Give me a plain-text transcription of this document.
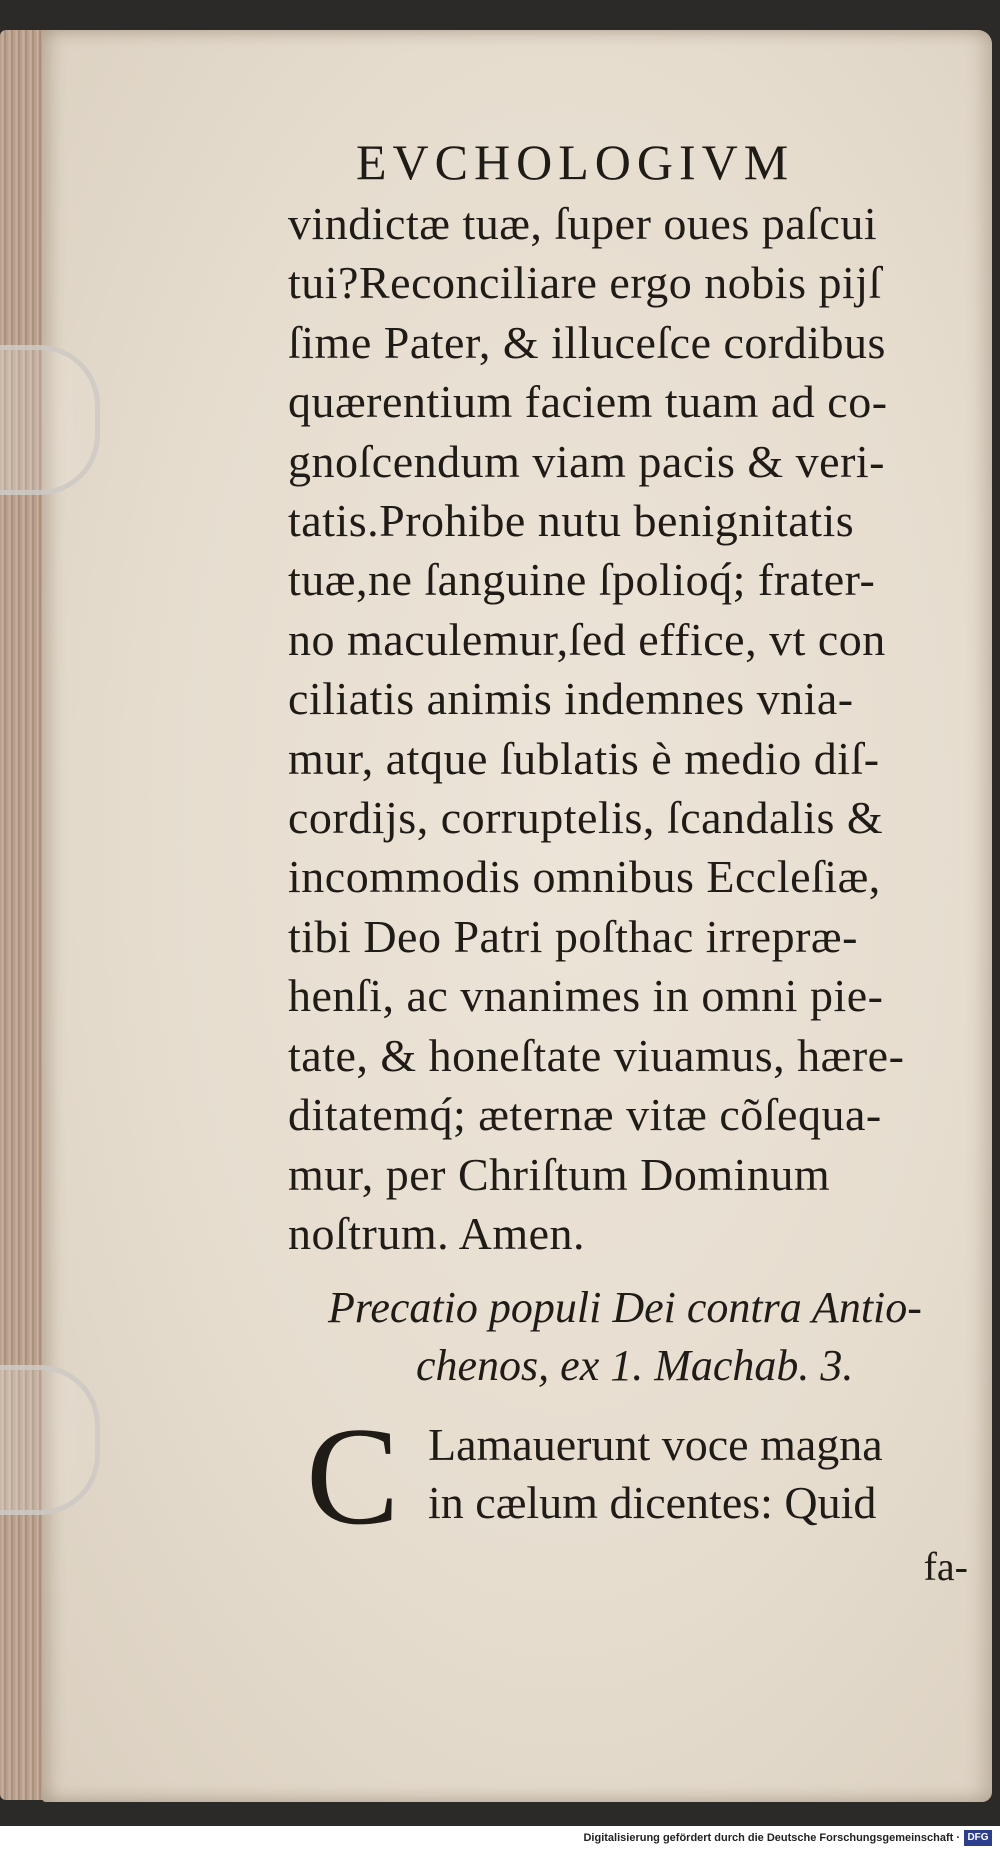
EVCHOLOGIVM
vindictæ tuæ, ſuper oues paſcui
tui?Reconciliare ergo nobis pijſ
ſime Pater, & illuceſce cordibus
quærentium faciem tuam ad co-
gnoſcendum viam pacis & veri-
tatis.Prohibe nutu benignitatis
tuæ,ne ſanguine ſpolioq́; frater-
no maculemur,ſed effice, vt con
ciliatis animis indemnes vnia-
mur, atque ſublatis è medio diſ-
cordijs, corruptelis, ſcandalis &
incommodis omnibus Eccleſiæ,
tibi Deo Patri poſthac irrepræ-
henſi, ac vnanimes in omni pie-
tate, & honeſtate viuamus, hære-
ditatemq́; æternæ vitæ cõſequa-
mur, per Chriſtum Dominum
noſtrum. Amen.
Precatio populi Dei contra Antio-
chenos, ex 1. Machab. 3.
C Lamauerunt voce magna
in cælum dicentes: Quid
fa-
Digitalisierung gefördert durch die Deutsche Forschungsgemeinschaft · DFG
